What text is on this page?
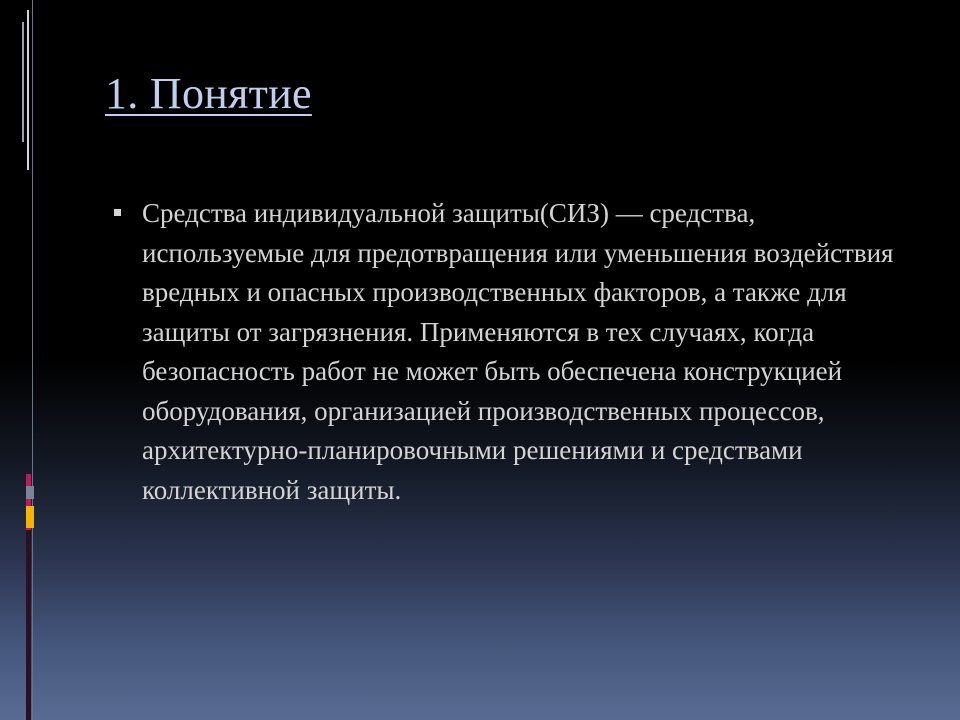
1. Понятие
Средства индивидуальной защиты(СИЗ) — средства, используемые для предотвращения или уменьшения воздействия вредных и опасных производственных факторов, а также для защиты от загрязнения. Применяются в тех случаях, когда безопасность работ не может быть обеспечена конструкцией оборудования, организацией производственных процессов, архитектурно-планировочными решениями и средствами коллективной защиты.
